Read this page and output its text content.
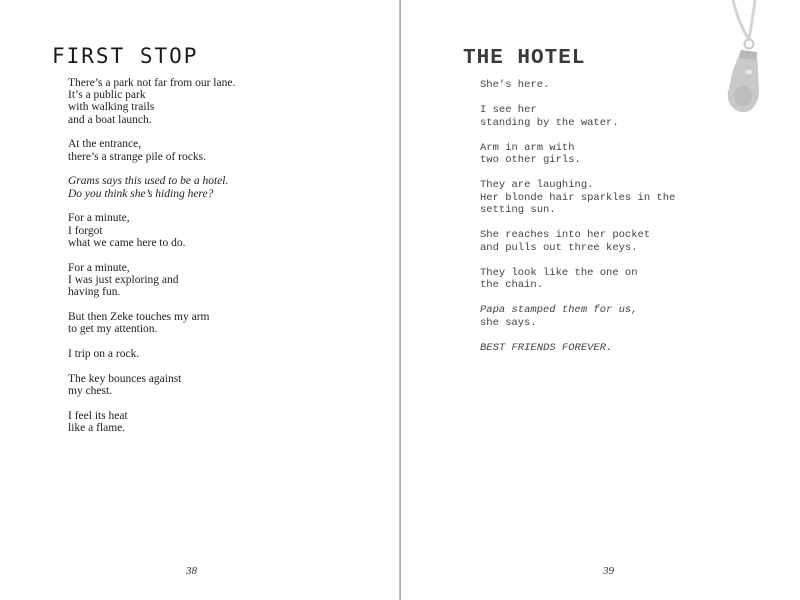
FIRST STOP

There’s a park not far from our lane.
It’s a public park
with walking trails
and a boat launch.

At the entrance,
there’s a strange pile of rocks.

Grams says this used to be a hotel.
Do you think she’s hiding here?

For a minute,
I forgot
what we came here to do.

For a minute,
I was just exploring and
having fun.

But then Zeke touches my arm
to get my attention.

I trip on a rock.

The key bounces against
my chest.

I feel its heat
like a flame.

38
THE HOTEL

She’s here.

I see her
standing by the water.

Arm in arm with
two other girls.

They are laughing.
Her blonde hair sparkles in the
setting sun.

She reaches into her pocket
and pulls out three keys.

They look like the one on
the chain.

Papa stamped them for us,

she says.

BEST FRIENDS FOREVER.

39
